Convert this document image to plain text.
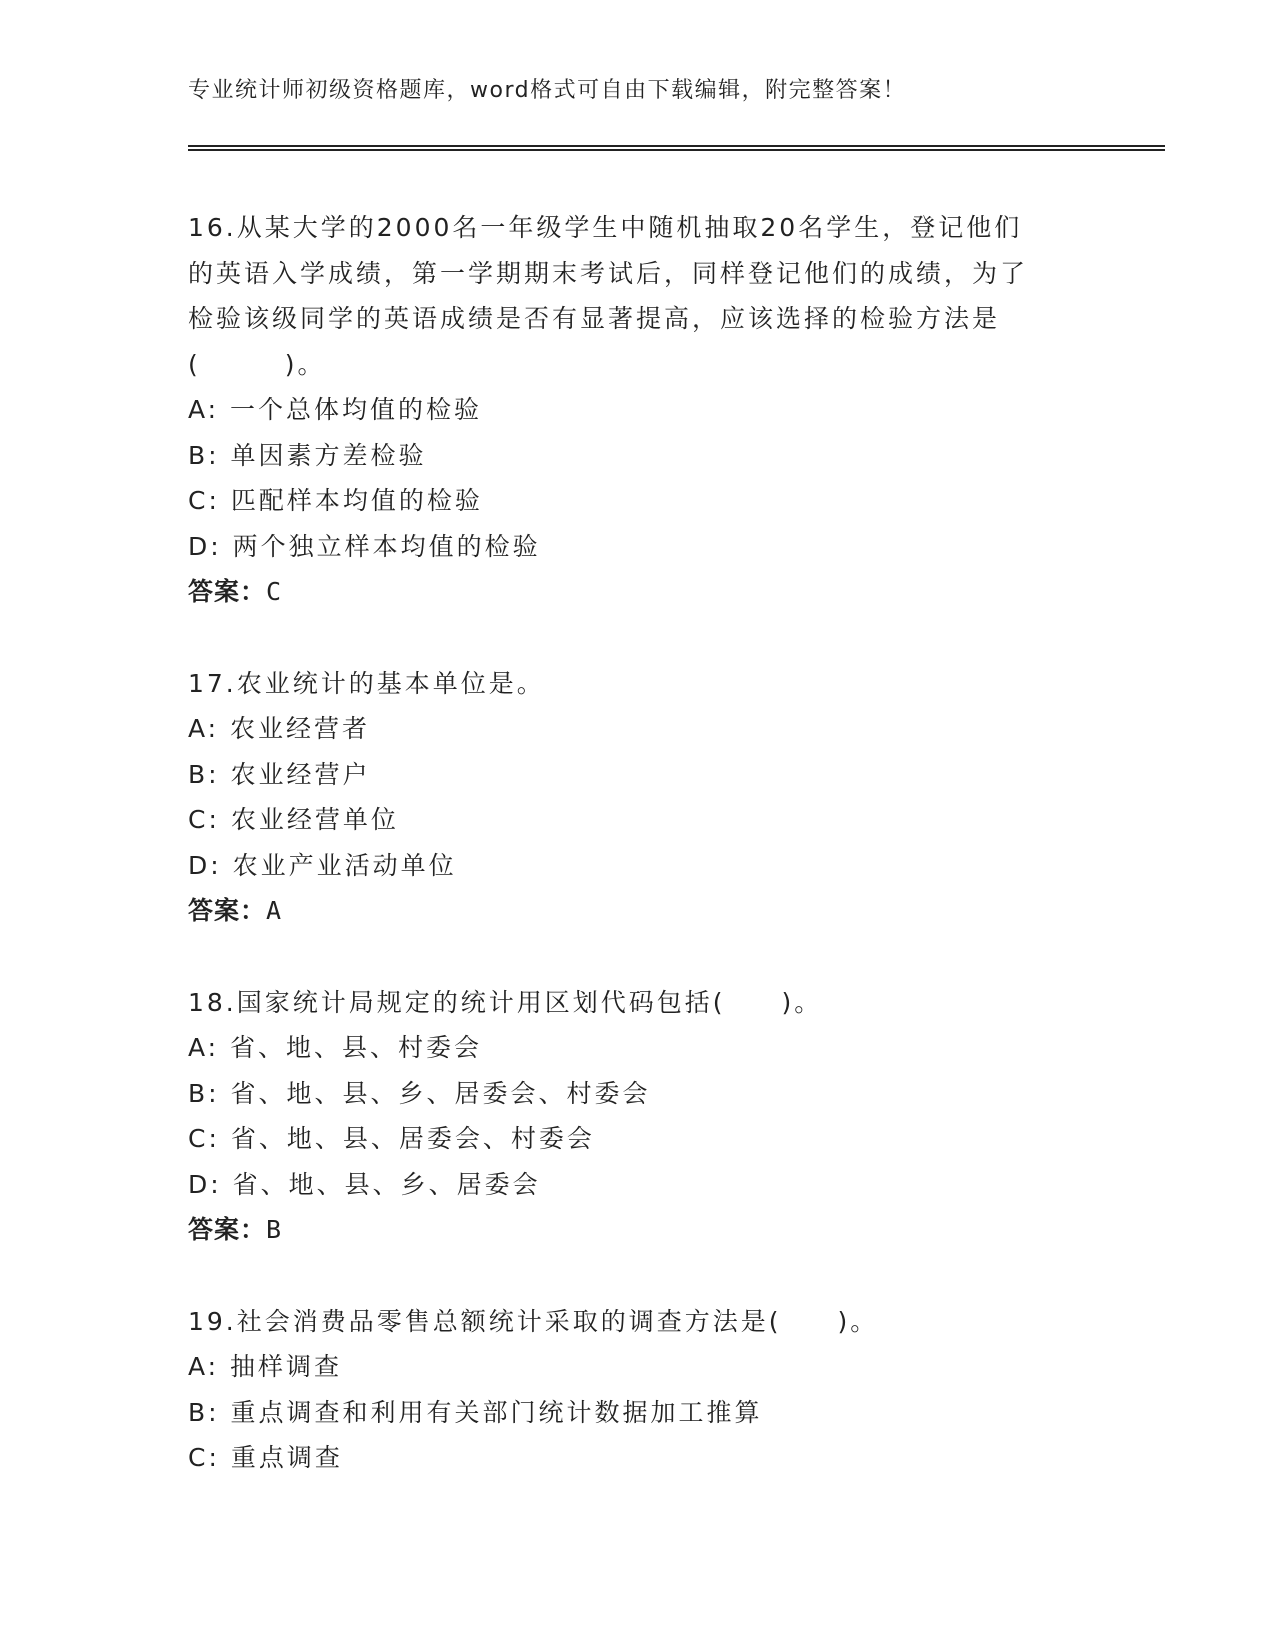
专业统计师初级资格题库，word格式可自由下载编辑，附完整答案！
16.从某大学的2000名一年级学生中随机抽取20名学生，登记他们的英语入学成绩，第一学期期末考试后，同样登记他们的成绩，为了检验该级同学的英语成绩是否有显著提高，应该选择的检验方法是
(　　　)。
A: 一个总体均值的检验
B: 单因素方差检验
C: 匹配样本均值的检验
D: 两个独立样本均值的检验
答案：C
17.农业统计的基本单位是。
A: 农业经营者
B: 农业经营户
C: 农业经营单位
D: 农业产业活动单位
答案：A
18.国家统计局规定的统计用区划代码包括(　　)。
A: 省、地、县、村委会
B: 省、地、县、乡、居委会、村委会
C: 省、地、县、居委会、村委会
D: 省、地、县、乡、居委会
答案：B
19.社会消费品零售总额统计采取的调查方法是(　　)。
A: 抽样调查
B: 重点调查和利用有关部门统计数据加工推算
C: 重点调查
